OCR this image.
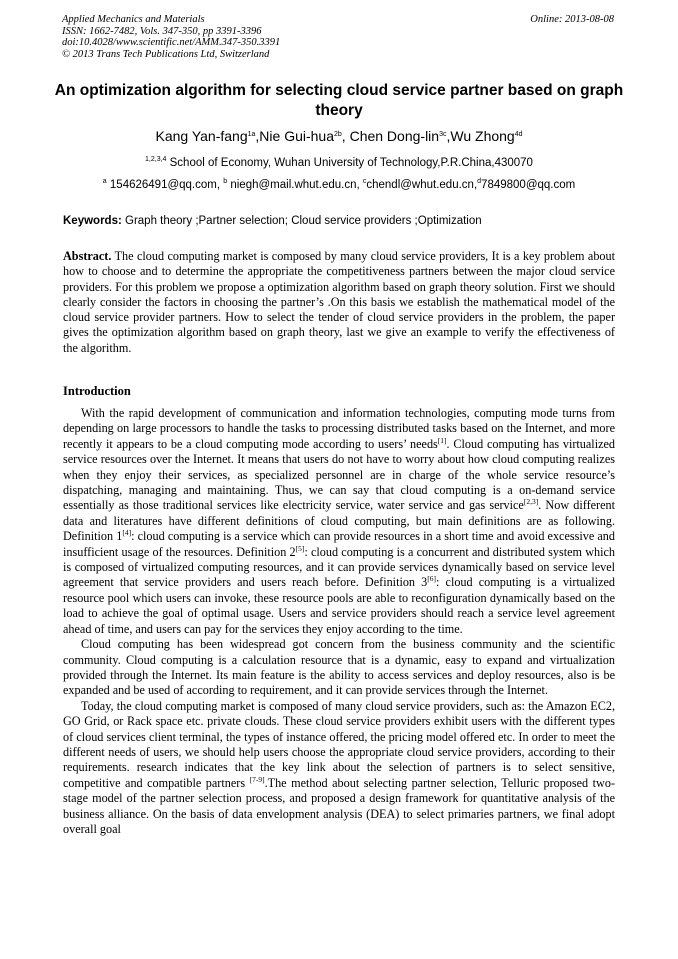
Applied Mechanics and Materials
ISSN: 1662-7482, Vols. 347-350, pp 3391-3396
doi:10.4028/www.scientific.net/AMM.347-350.3391
© 2013 Trans Tech Publications Ltd, Switzerland
Online: 2013-08-08
An optimization algorithm for selecting cloud service partner based on graph theory
Kang Yan-fang$^{1a}$,Nie Gui-hua$^{2b}$, Chen Dong-lin$^{3c}$,Wu Zhong$^{4d}$
$^{1,2,3,4}$ School of Economy, Wuhan University of Technology,P.R.China,430070
$^a$ 154626491@qq.com, $^b$ niegh@mail.whut.edu.cn, $^c$chendl@whut.edu.cn,$^d$7849800@qq.com
Keywords: Graph theory ;Partner selection; Cloud service providers ;Optimization
Abstract. The cloud computing market is composed by many cloud service providers, It is a key problem about how to choose and to determine the appropriate the competitiveness partners between the major cloud service providers. For this problem we propose a optimization algorithm based on graph theory solution. First we should clearly consider the factors in choosing the partner’s .On this basis we establish the mathematical model of the cloud service provider partners. How to select the tender of cloud service providers in the problem, the paper gives the optimization algorithm based on graph theory, last we give an example to verify the effectiveness of the algorithm.
Introduction

With the rapid development of communication and information technologies, computing mode turns from depending on large processors to handle the tasks to processing distributed tasks based on the Internet, and more recently it appears to be a cloud computing mode according to users’ needs[1]. Cloud computing has virtualized service resources over the Internet. It means that users do not have to worry about how cloud computing realizes when they enjoy their services, as specialized personnel are in charge of the whole service resource’s dispatching, managing and maintaining. Thus, we can say that cloud computing is a on-demand service essentially as those traditional services like electricity service, water service and gas service[2,3]. Now different data and literatures have different definitions of cloud computing, but main definitions are as following. Definition 1[4]: cloud computing is a service which can provide resources in a short time and avoid excessive and insufficient usage of the resources. Definition 2[5]: cloud computing is a concurrent and distributed system which is composed of virtualized computing resources, and it can provide services dynamically based on service level agreement that service providers and users reach before. Definition 3[6]: cloud computing is a virtualized resource pool which users can invoke, these resource pools are able to reconfiguration dynamically based on the load to achieve the goal of optimal usage. Users and service providers should reach a service level agreement ahead of time, and users can pay for the services they enjoy according to the time.

Cloud computing has been widespread got concern from the business community and the scientific community. Cloud computing is a calculation resource that is a dynamic, easy to expand and virtualization provided through the Internet. Its main feature is the ability to access services and deploy resources, also is be expanded and be used of according to requirement, and it can provide services through the Internet.

Today, the cloud computing market is composed of many cloud service providers, such as: the Amazon EC2, GO Grid, or Rack space etc. private clouds. These cloud service providers exhibit users with the different types of cloud services client terminal, the types of instance offered, the pricing model offered etc. In order to meet the different needs of users, we should help users choose the appropriate cloud service providers, according to their requirements. research indicates that the key link about the selection of partners is to select sensitive, competitive and compatible partners [7-9].The method about selecting partner selection, Telluric proposed two-stage model of the partner selection process, and proposed a design framework for quantitative analysis of the business alliance. On the basis of data envelopment analysis (DEA) to select primaries partners, we final adopt overall goal
